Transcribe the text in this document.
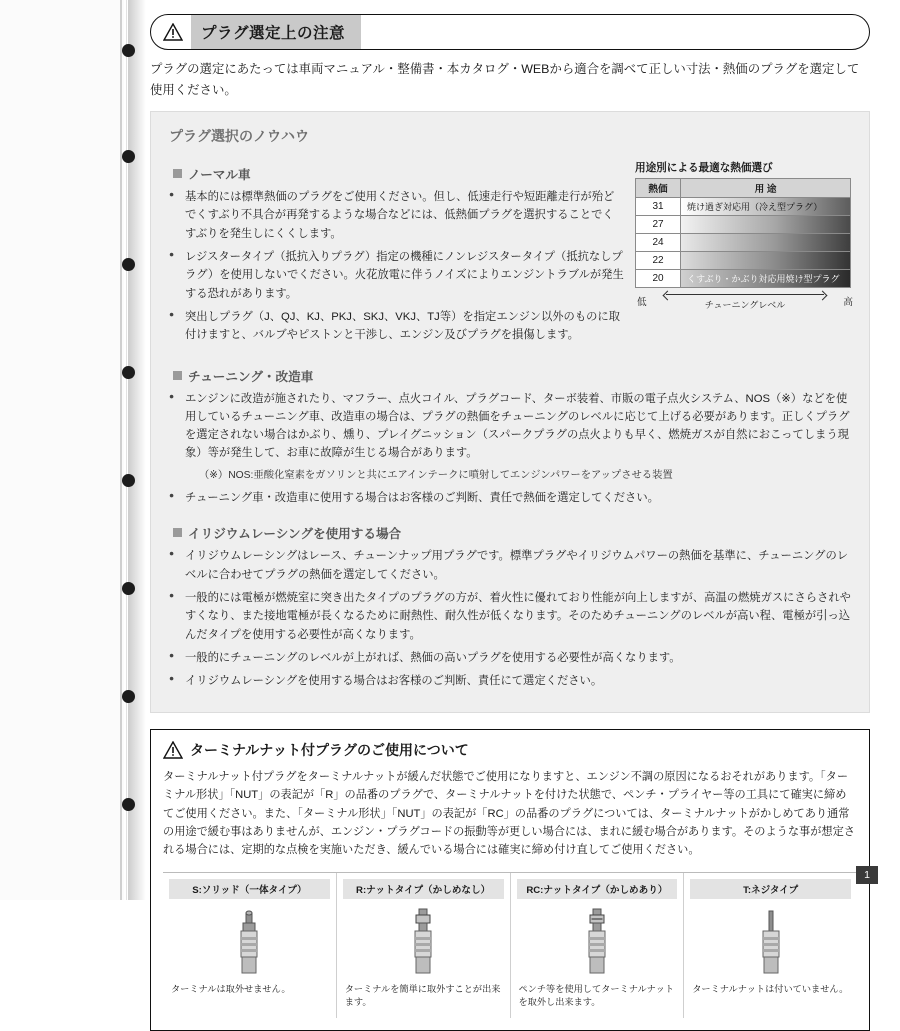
プラグ選定上の注意
プラグの選定にあたっては車両マニュアル・整備書・本カタログ・WEBから適合を調べて正しい寸法・熱価のプラグを選定して使用ください。
プラグ選択のノウハウ
ノーマル車
● 基本的には標準熱価のプラグをご使用ください。但し、低速走行や短距離走行が殆どでくすぶり不具合が再発するような場合などには、低熱価プラグを選択することでくすぶりを発生しにくくします。
● レジスタータイプ（抵抗入りプラグ）指定の機種にノンレジスタータイプ（抵抗なしプラグ）を使用しないでください。火花放電に伴うノイズによりエンジントラブルが発生する恐れがあります。
● 突出しプラグ（J、QJ、KJ、PKJ、SKJ、VKJ、TJ等）を指定エンジン以外のものに取付けますと、バルブやピストンと干渉し、エンジン及びプラグを損傷します。
用途別による最適な熱価選び
熱価	用 途
31	焼け過ぎ対応用（冷え型プラグ）

27	

24	

22	

20	くすぶり・かぶり対応用焼け型プラグ
低	チューニングレベル	高
チューニング・改造車
● エンジンに改造が施されたり、マフラー、点火コイル、プラグコード、ターボ装着、市販の電子点火システム、NOS（※）などを使用しているチューニング車、改造車の場合は、プラグの熱価をチューニングのレベルに応じて上げる必要があります。正しくプラグを選定されない場合はかぶり、燻り、プレイグニッション（スパークプラグの点火よりも早く、燃焼ガスが自然におこってしまう現象）等が発生して、お車に故障が生じる場合があります。
（※）NOS:亜酸化窒素をガソリンと共にエアインテークに噴射してエンジンパワーをアップさせる装置
● チューニング車・改造車に使用する場合はお客様のご判断、責任で熱価を選定してください。
イリジウムレーシングを使用する場合
● イリジウムレーシングはレース、チューンナップ用プラグです。標準プラグやイリジウムパワーの熱価を基準に、チューニングのレベルに合わせてプラグの熱価を選定してください。
● 一般的には電極が燃焼室に突き出たタイプのプラグの方が、着火性に優れており性能が向上しますが、高温の燃焼ガスにさらされやすくなり、また接地電極が長くなるために耐熱性、耐久性が低くなります。そのためチューニングのレベルが高い程、電極が引っ込んだタイプを使用する必要性が高くなります。
● 一般的にチューニングのレベルが上がれば、熱価の高いプラグを使用する必要性が高くなります。
● イリジウムレーシングを使用する場合はお客様のご判断、責任にて選定ください。
ターミナルナット付プラグのご使用について
ターミナルナット付プラグをターミナルナットが緩んだ状態でご使用になりますと、エンジン不調の原因になるおそれがあります。「ターミナル形状」「NUT」の表記が「R」の品番のプラグで、ターミナルナットを付けた状態で、ペンチ・プライヤー等の工具にて確実に締めてご使用ください。また、「ターミナル形状」「NUT」の表記が「RC」の品番のプラグについては、ターミナルナットがかしめてあり通常の用途で緩む事はありませんが、エンジン・プラグコードの振動等が更しい場合には、まれに緩む場合があります。そのような事が想定される場合には、定期的な点検を実施いただき、緩んでいる場合には確実に締め付け直してご使用ください。
S:ソリッド（一体タイプ）
ターミナルは取外せません。
R:ナットタイプ（かしめなし）
ターミナルを簡単に取外すことが出来ます。
RC:ナットタイプ（かしめあり）
ペンチ等を使用してターミナルナットを取外し出来ます。
T:ネジタイプ
ターミナルナットは付いていません。
1
